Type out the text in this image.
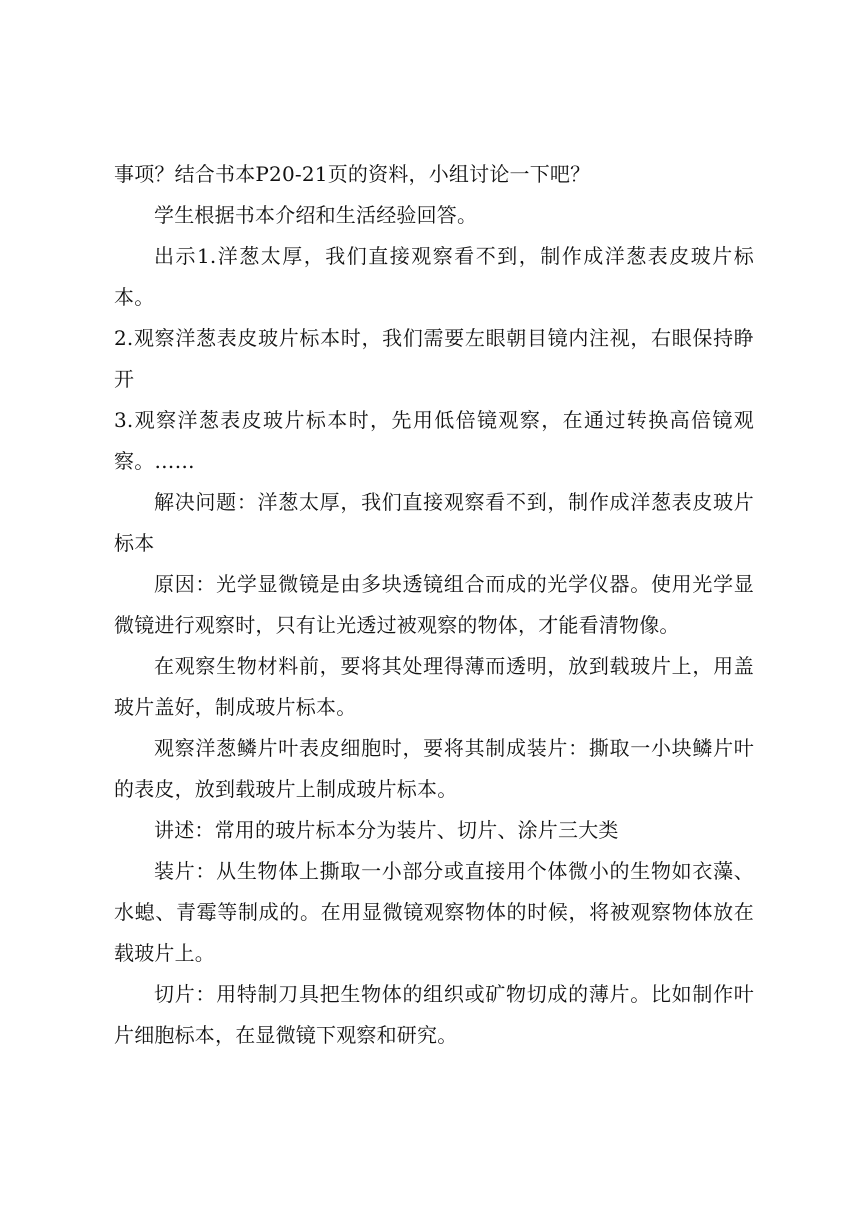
事项？结合书本P20-21页的资料，小组讨论一下吧？

学生根据书本介绍和生活经验回答。

出示1.洋葱太厚，我们直接观察看不到，制作成洋葱表皮玻片标本。

2.观察洋葱表皮玻片标本时，我们需要左眼朝目镜内注视，右眼保持睁开

3.观察洋葱表皮玻片标本时，先用低倍镜观察，在通过转换高倍镜观察。……

解决问题：洋葱太厚，我们直接观察看不到，制作成洋葱表皮玻片标本

原因：光学显微镜是由多块透镜组合而成的光学仪器。使用光学显微镜进行观察时，只有让光透过被观察的物体，才能看清物像。

在观察生物材料前，要将其处理得薄而透明，放到载玻片上，用盖玻片盖好，制成玻片标本。

观察洋葱鳞片叶表皮细胞时，要将其制成装片：撕取一小块鳞片叶的表皮，放到载玻片上制成玻片标本。

讲述：常用的玻片标本分为装片、切片、涂片三大类

装片：从生物体上撕取一小部分或直接用个体微小的生物如衣藻、水螅、青霉等制成的。在用显微镜观察物体的时候，将被观察物体放在载玻片上。

切片：用特制刀具把生物体的组织或矿物切成的薄片。比如制作叶片细胞标本，在显微镜下观察和研究。
